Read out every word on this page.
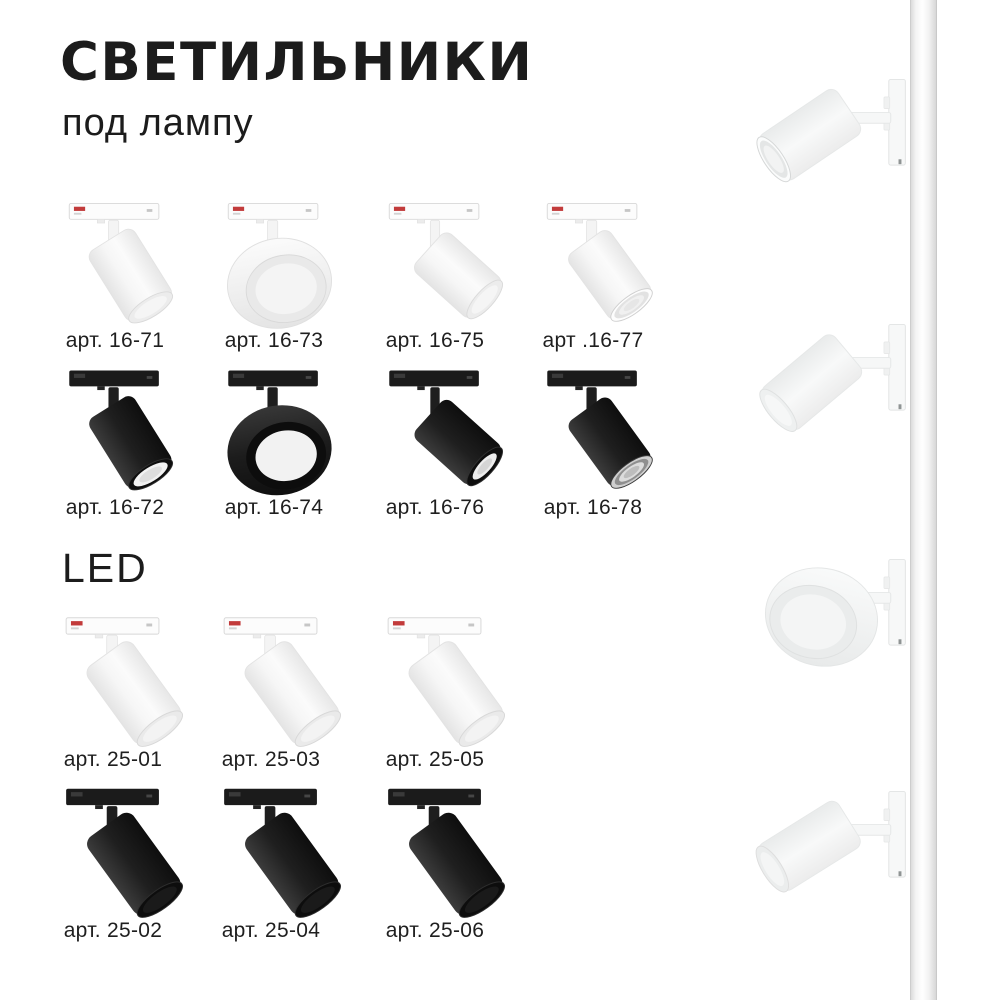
СВЕТИЛЬНИКИ
под лампу
арт. 16-71	арт. 16-73	арт. 16-75	арт .16-77
арт. 16-72	арт. 16-74	арт. 16-76	арт. 16-78
LED
арт. 25-01	арт. 25-03	арт. 25-05
арт. 25-02	арт. 25-04	арт. 25-06
